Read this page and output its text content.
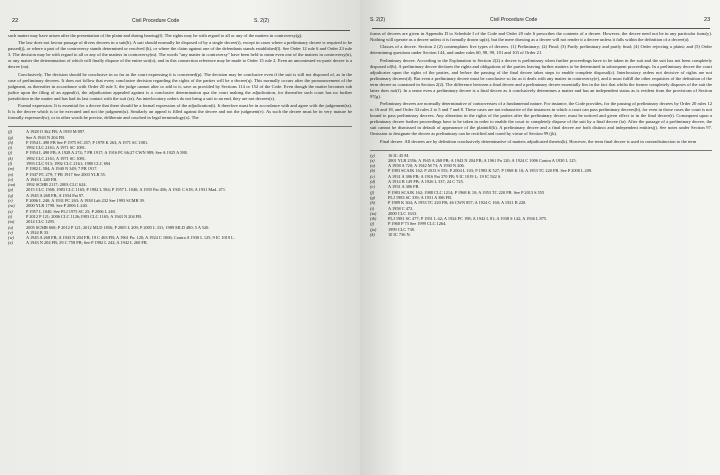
22	Civil Procedure Code	S. 2(2)

such matter may have arisen after the presentation of the plaint and during hearing(f). The rights may be with regard to all or any of the matters in controversy(g).

The law does not favour passage of divers decrees in a suit(h). A suit should normally be disposed of by a single decree(i), except in cases where a preliminary decree is required to be passed(j), or where a part of the controversy stands determined or resolved (k), or where the claim against one of the defendants stands established(l). See Order 12 rule 6 and Order 23 rule 3. The decision may be with regard to all or any of the matters in controversy(m). The words "any matter in controversy" have been held to mean even one of the matters in controversy(n), or any matter the determination of which will finally dispose of the entire suit(o), and in this connection reference may be made to Order 15 rule 2. Even an uncontested ex-parte decree is a decree (oa).

Conclusively. The decision should be conclusive in so far as the court expressing it is concerned(p). The decision may be conclusive even if the suit is still not disposed of, as in the case of preliminary decrees. It does not follow that every conclusive decision regarding the rights of the parties will be a decree(q). This normally occurs after the pronouncement of the judgment, as thereafter in accordance with Order 20 rule 3, the judge cannot alter or add to it, save as provided by Sections 114 or 152 of the Code. Even though the matter becomes sub judice upon the filing of an appeal(r), the adjudication appealed against is a conclusive determination qua the court making the adjudication, for thereafter such court has no further jurisdiction in the matter and has had its last contact with the suit (ra). An interlocutory orders do not bring a suit to an end, they are not decrees(s).

Formal expression. It is essential for a decree that there should be a formal expression of the adjudication(t). It therefore must be in accordance with and agree with the judgement(ta). It is the decree which is to be executed and not the judgment(u). Similarly an appeal is filled against the decree and not the judgment(v). As such the decree must be in very mature be formally expressed(w), or in other words be precise, deliberate and couched in legal terminology(x). The

(f)	A 1928 O 362 FB; A 1939 M 897.
(g)	See A 1943 N 204 FB.
(h)	P 1954 L 490 FB See P 1975 SC 457; P 1978 K 263; A 1971 SC 1081.
(i)	1992 CLC 2161; A 1971 SC 1081.
(j)	P 1954 L 490 FB; A 1928 A 274; 7 PR 1917; A 1916 PC 66;27 CWN 989; See A 1925 A 588.
(k)	1992 CLC 2161; A 1971 SC 1081.
(l)	1993 CLC 913; 1992 CLC 2161; 1980 CLC 694
(m)	P 1982 L 584; A 1940 N 349; 7 PR 1917.
(n)	P 1947 PC 279; 7 PR 1917 See 2003 YLR 55.
(o)	A 1943 L 240 FB.
(oa)	1992 SCMR 2117; 2003 CLC 624.
(p)	2015 CLC 1568; 1983 CLC 1165; P 1982 L 584; P 1957 L 1040; A 1935 Pat 456; A 1941 C 618; A 1931 Mad. 471.
(q)	A 1945 A 268 FB; A 1934 Pat 97.
(r)	P 2006 L 240; A 1931 PC 263; A 1938 Lah 232 See 1993 SCMR 39.
(ra)	2000 YLR 1798. See P 2006 L 240.
(s)	P 1957 L 1040. See PLJ 1975 SC 25; P 2006 L 240.
(t)	P 2012 P 121; 2006 CLC 1126;1983 CLC 1165; A 1943 N 204 FB.
(ta)	2014 CLC 1295.
(u)	2005 SCMR 668; P 2012 P 121; 2012 MLD 1856; P 2005 L 209; P 2005 L 331; 1989 MLD 480; 5 A 520.
(v)	A 1924 B 33.
(w)	A 1945 A 268 FB; A 1943 N 204 FB; 19 C 463 FB; A 1961 Pu. 120; A 1924 C 1006; Contra A 1930 L 125; 9 IC 1019 L.
(x)	A 1943 N 204 FB; 29 C 758 FB; See P 1982 L 242; A 1942 L 260 FB.
S. 2(2)	Civil Procedure Code	23

forms of decrees are given in Appendix D to Schedule I of the Code and Order 20 rule 6 prescribes the contents of a decree. However, the decree need not be in any particular form(y). Nothing will operate as a decree unless it is formally drawn up(z), but the mere drawing as a decree will not render it a decree unless it falls within the definition of a decree(a).

Classes of a decree. Section 2 (2) contemplates five types of decrees. (1) Preliminary; (2) Final; (3) Partly preliminary and partly final; (4) Order rejecting a plaint; and (5) Order determining questions under Section 144, and under rules 60, 98, 99, 101 and 103 of Order 21.

Preliminary decree. According to the Explanation to Section 2(2) a decree is preliminary when further proceedings have to be taken in the suit and the suit has not been completely disposed of(b). A preliminary decree declares the rights and obligations of the parties leaving further matters to be determined in subsequent proceedings. In a preliminary decree the court adjudicates upon the rights of the parties, and before the passing of the final decree takes steps to enable complete disposal(c). Interlocutory orders not decisive of rights are not preliminary decrees(d). But even a preliminary decree must be conclusive so far as it deals with any matter in controversy(e), and it must fulfill the other requisites of the definition of the term decree as contained in Section 2(2). The difference between a final decree and a preliminary decree essentially lies in the fact that whilst the former completely disposes of the suit the latter does not(f). In a sense even a preliminary decree is a final decree as it conclusively determines a matter and has an independent status as is evident from the provisions of Section 97(g).

Preliminary decrees are normally determinative of controversies of a fundamental nature. For instance, the Code provides, for the passing of preliminary decrees by Order 20 rules 12 to 16 and 18, and Order 34 rules 2 to 5 and 7 and 8. These cases are not exhaustive of the instances in which a court can pass preliminary decrees(h), for even in those cases the court is not bound to pass preliminary decrees. Any alteration in the rights of the parties after the preliminary decree, must be noticed and given effect to in the final decree(i). Consequent upon a preliminary decree further proceedings have to be taken in order to enable the court to completely dispose of the suit by a final decree (ia). After the passage of a preliminary decree, the suit cannot be dismissed in default of appearance of the plaintiff(k). A preliminary decree and a final decree are both distinct and independent entities(j). See notes under Section 97. Omission to designate the decree as preliminary can be rectified and cured by virtue of Section 99 (jk).

Final decree. All decrees are by definition conclusively determinative of matters adjudicated therein(k). However, the term final decree is used in contradistinction to the term

(y)	16 IC 45 M.
(z)	2001 YLR 2356; A 1945 A 268 FB; A 1943 N 204 FB; A 1961 Pu 120; A 1924 C 1006 Contra A 1930 L 125.
(a)	A 1958 A 720; A 1942 M 73; A 1930 N 206.
(b)	P 1983 SCAJK 162; P 2013 S 555; P 2004 L 103; P 1983 K 527; P 1968 K 10; A 1953 TC 220 FB. See P 2008 L 209.
(c)	A 1931 A 386 FB; A 1916 Pat 370 FB; 9 IC 1019 L; 19 IC 922 S.
(d)	A 1914 B 149 FB; A 1926 L 337; 24 C 725.
(e)	A 1931 A 386 FB.
(f)	P 1983 SCAJK 162; 1988 CLC 1214; P 1968 K 10; A 1953 TC 220 FB. See P 2013 S 555
(g)	PLJ 1983 SC 339; A 1931 A 386 FB.
(h)	P 1989 K 304; A 1953 TC 220 FB; 46 CWN 857; A 1924 C 160; A 1921 B 220.
(i)	A 1958 C 472.
(ia)	2000 CLC 1633.
(ib)	PLJ 1981 SC 477; P 1951 L 42; A 1924 PC 198; A 1942 L 81; A 1938 S 142; A 1936 L 875.
(j)	P 1960 P 73 See 1999 CLC 1264.
(ja)	1999 CLC 738.
(k)	10 IC 736 N.
